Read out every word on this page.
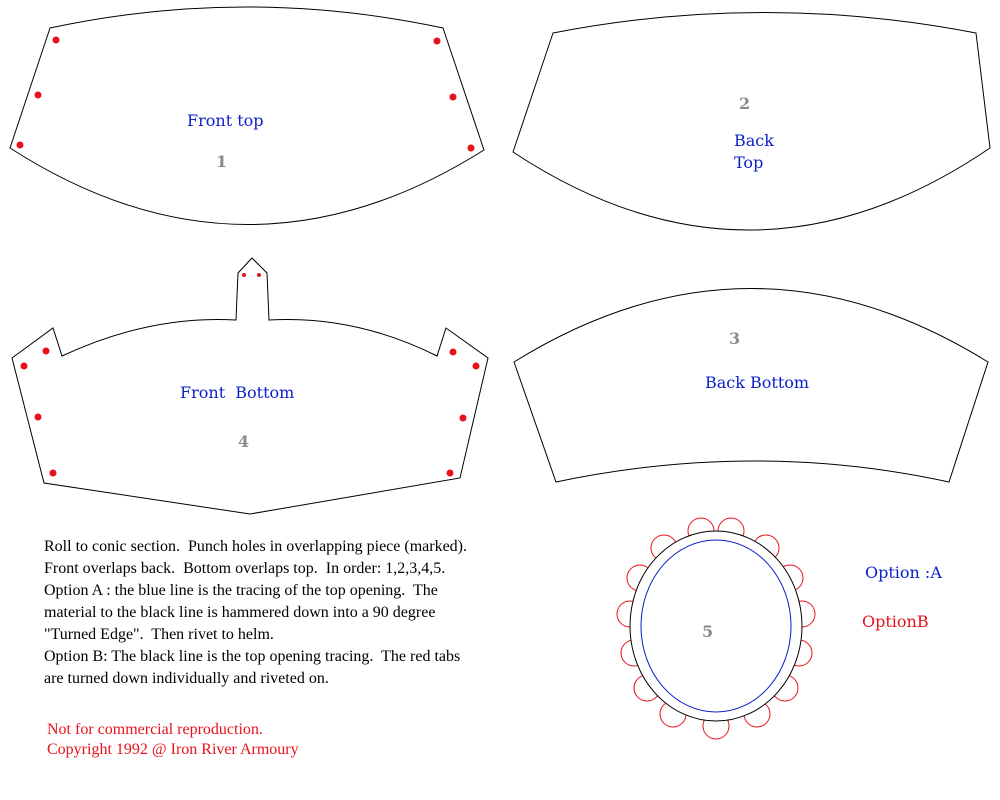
Front top
1
2
Back
Top
Front  Bottom
4
3
Back Bottom
5
Option :A
OptionB
Roll to conic section.  Punch holes in overlapping piece (marked).
Front overlaps back.  Bottom overlaps top.  In order: 1,2,3,4,5.
Option A : the blue line is the tracing of the top opening.  The
material to the black line is hammered down into a 90 degree
"Turned Edge".  Then rivet to helm.
Option B: The black line is the top opening tracing.  The red tabs
are turned down individually and riveted on.
Not for commercial reproduction.
Copyright 1992 @ Iron River Armoury
